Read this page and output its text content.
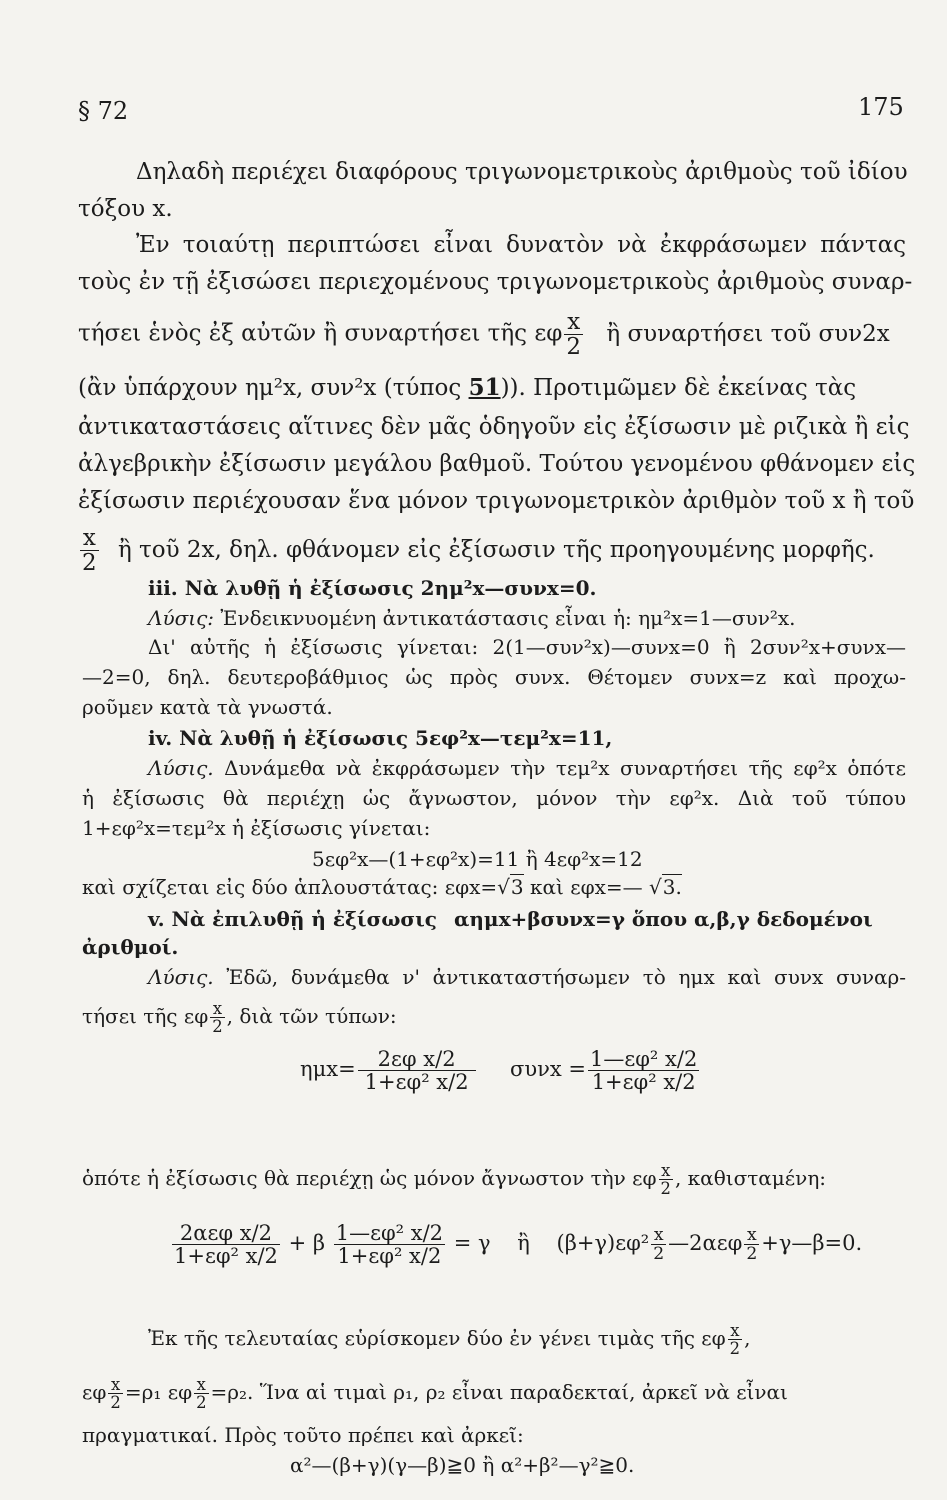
§ 72	175
Δηλαδὴ περιέχει διαφόρους τριγωνομετρικοὺς ἀριθμοὺς τοῦ ἰδίου
τόξου x.
Ἐν τοιαύτῃ περιπτώσει εἶναι δυνατὸν νὰ ἐκφράσωμεν πάντας
τοὺς ἐν τῇ ἐξισώσει περιεχομένους τριγωνομετρικοὺς ἀριθμοὺς συναρ-
τήσει ἑνὸς ἐξ αὐτῶν ἢ συναρτήσει τῆς εφ $\frac{x}{2}$ ἢ συναρτήσει τοῦ συν2x
(ἂν ὑπάρχουν ημ²x, συν²x (τύπος 51)). Προτιμῶμεν δὲ ἐκείνας τὰς
ἀντικαταστάσεις αἵτινες δὲν μᾶς ὁδηγοῦν εἰς ἐξίσωσιν μὲ ριζικὰ ἢ εἰς
ἀλγεβρικὴν ἐξίσωσιν μεγάλου βαθμοῦ. Τούτου γενομένου φθάνομεν εἰς
ἐξίσωσιν περιέχουσαν ἕνα μόνον τριγωνομετρικὸν ἀριθμὸν τοῦ x ἢ τοῦ
$\frac{x}{2}$ ἢ τοῦ 2x, δηλ. φθάνομεν εἰς ἐξίσωσιν τῆς προηγουμένης μορφῆς.
iii. Νὰ λυθῇ ἡ ἐξίσωσις 2ημ²x—συνx=0.
Λύσις: Ἐνδεικνυομένη ἀντικατάστασις εἶναι ἡ: ημ²x=1—συν²x.
Δι' αὐτῆς ἡ ἐξίσωσις γίνεται: 2(1—συν²x)—συνx=0 ἢ 2συν²x+συνx—
—2=0, δηλ. δευτεροβάθμιος ὡς πρὸς συνx. Θέτομεν συνx=z καὶ προχω-
ροῦμεν κατὰ τὰ γνωστά.
iv. Νὰ λυθῇ ἡ ἐξίσωσις 5εφ²x—τεμ²x=11,
Λύσις. Δυνάμεθα νὰ ἐκφράσωμεν τὴν τεμ²x συναρτήσει τῆς εφ²x ὁπότε
ἡ ἐξίσωσις θὰ περιέχῃ ὡς ἄγνωστον, μόνον τὴν εφ²x. Διὰ τοῦ τύπου
1+εφ²x=τεμ²x ἡ ἐξίσωσις γίνεται:
5εφ²x—(1+εφ²x)=11 ἢ 4εφ²x=12
καὶ σχίζεται εἰς δύο ἁπλουστάτας: εφx=√3 καὶ εφx=— √3.
v. Νὰ ἐπιλυθῇ ἡ ἐξίσωσις αημx+βσυνx=γ ὅπου α,β,γ δεδομένοι
ἀριθμοί.
Λύσις. Ἐδῶ, δυνάμεθα ν' ἀντικαταστήσωμεν τὸ ημx καὶ συνx συναρ-
τήσει τῆς εφ $\frac{x}{2}$ , διὰ τῶν τύπων:
$\eta\mu x= \frac{\text{2εφ x/2}}{\text{1+εφ² x/2}}$ $\sigma\upsilon\nu x = \frac{\text{1—εφ² x/2}}{\text{1+εφ² x/2}}$
ὁπότε ἡ ἐξίσωσις θὰ περιέχῃ ὡς μόνον ἄγνωστον τὴν εφ $\frac{x}{2}$ , καθισταμένη:
2αεφ x/2
1+εφ² x/2
+ β $\frac{\text{1—εφ² x/2}}{\text{1+εφ² x/2}} = \gamma$ ἢ $(\beta+\gamma)\varepsilon\varphi^2 \frac{x}{2}$ —2αεφ $\frac{x}{2}$ +γ—β=0.
Ἐκ τῆς τελευταίας εὑρίσκομεν δύο ἐν γένει τιμὰς τῆς εφ $\frac{x}{2}$ ,
εφ $\frac{x}{2} =\rho_1$ εφ $\frac{x}{2} =\rho_2$. Ἵνα αἱ τιμαὶ ρ₁, ρ₂ εἶναι παραδεκταί, ἀρκεῖ νὰ εἶναι
πραγματικαί. Πρὸς τοῦτο πρέπει καὶ ἀρκεῖ:
α²—(β+γ)(γ—β)≧0 ἢ α²+β²—γ²≧0.
